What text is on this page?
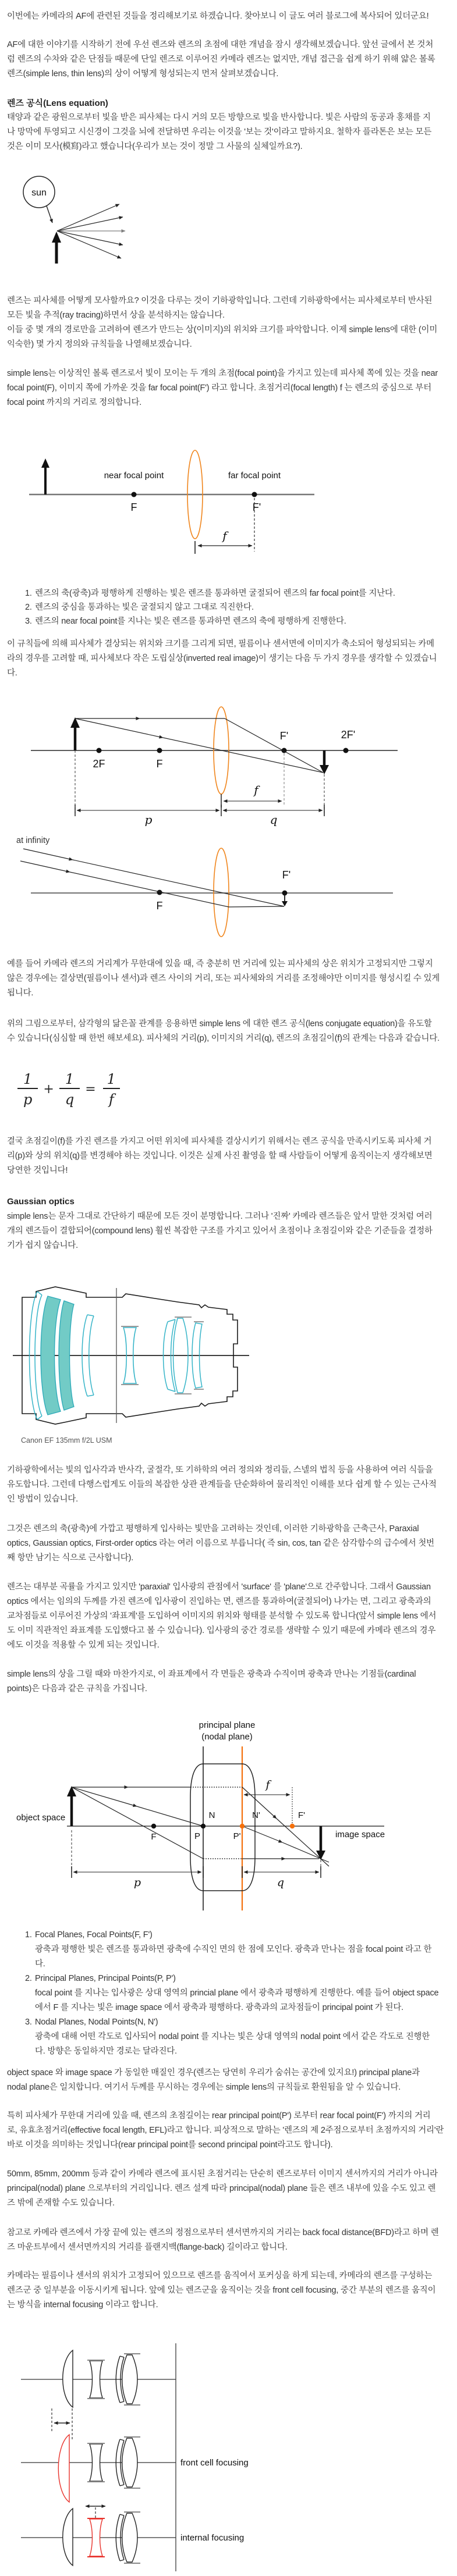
이번에는 카메라의 AF에 관련된 것들을 정리해보기로 하겠습니다. 찾아보니 이 글도 여러 블로그에 복사되어 있더군요!
AF에 대한 이야기를 시작하기 전에 우선 렌즈와 렌즈의 초점에 대한 개념을 잠시 생각해보겠습니다. 앞선 글에서 본 것처
럼 렌즈의 수차와 같은 단점들 때문에 단일 렌즈로 이루어진 카메라 렌즈는 없지만, 개념 접근을 쉽게 하기 위해 얇은 볼록
렌즈(simple lens, thin lens)의 상이 어떻게 형성되는지 먼저 살펴보겠습니다.
렌즈 공식(Lens equation)
태양과 같은 광원으로부터 빛을 받은 피사체는 다시 거의 모든 방향으로 빛을 반사합니다. 빛은 사람의 동공과 홍채를 지
나 망막에 투영되고 시신경이 그것을 뇌에 전달하면 우리는 이것을 '보는 것'이라고 말하지요. 철학자 플라톤은 보는 모든
것은 이미 모사(模寫)라고 했습니다(우리가 보는 것이 정말 그 사물의 실체일까요?).
sun
렌즈는 피사체를 어떻게 모사할까요? 이것을 다루는 것이 기하광학입니다. 그런데 기하광학에서는 피사체로부터 반사된
모든 빛을 추적(ray tracing)하면서 상을 분석하지는 않습니다.
이들 중 몇 개의 경로만을 고려하여 렌즈가 만드는 상(이미지)의 위치와 크기를 파악합니다. 이제 simple lens에 대한 (이미
익숙한) 몇 가지 정의와 규칙들을 나열해보겠습니다.
simple lens는 이상적인 볼록 렌즈로서 빛이 모이는 두 개의 초점(focal point)을 가지고 있는데 피사체 쪽에 있는 것을 near
focal point(F), 이미지 쪽에 가까운 것을 far focal point(F') 라고 합니다. 초점거리(focal length) f 는 렌즈의 중심으로 부터
focal point 까지의 거리로 정의합니다.
near focal point	far focal point
F	F'
f
1. 렌즈의 축(광축)과 평행하게 진행하는 빛은 렌즈를 통과하면 굴절되어 렌즈의 far focal point를 지난다.
2. 렌즈의 중심을 통과하는 빛은 굴절되지 않고 그대로 직진한다.
3. 렌즈의 near focal point를 지나는 빛은 렌즈를 통과하면 렌즈의 축에 평행하게 진행한다.
이 규칙들에 의해 피사체가 결상되는 위치와 크기를 그리게 되면, 필름이나 센서면에 이미지가 축소되어 형성되되는 카메
라의 경우를 고려할 때, 피사체보다 작은 도립실상(inverted real image)이 생기는 다음 두 가지 경우를 생각할 수 있겠습니
다.
2F	F
F'	2F'
f
p	q
at infinity
F
F'
예를 들어 카메라 렌즈의 거리계가 무한대에 있을 때, 즉 충분히 먼 거리에 있는 피사체의 상은 위치가 고정되지만 그렇지
않은 경우에는 결상면(필름이나 센서)과 렌즈 사이의 거리, 또는 피사체와의 거리를 조정해야만 이미지를 형성시킬 수 있게
됩니다.
위의 그림으로부터, 삼각형의 닮은꼴 관계를 응용하면 simple lens 에 대한 렌즈 공식(lens conjugate equation)을 유도할
수 있습니다(심심할 때 한번 해보세요). 피사체의 거리(p), 이미지의 거리(q), 렌즈의 초점길이(f)의 관계는 다음과 같습니다.
$\frac{1}{p} + \frac{1}{q} = \frac{1}{f}$
결국 초점길이(f)를 가진 렌즈를 가지고 어떤 위치에 피사체를 결상시키기 위해서는 렌즈 공식을 만족시키도록 피사체 거
리(p)와 상의 위치(q)를 변경해야 하는 것입니다. 이것은 실제 사진 촬영을 할 때 사람들이 어떻게 움직이는지 생각해보면
당연한 것입니다!
Gaussian optics
simple lens는 문자 그대로 간단하기 때문에 모든 것이 분명합니다. 그러나 '진짜' 카메라 렌즈들은 앞서 말한 것처럼 여러
개의 렌즈들이 결합되어(compound lens) 훨씬 복잡한 구조를 가지고 있어서 초점이나 초점길이와 같은 기준들을 결정하
기가 쉽지 않습니다.
Canon EF 135mm f/2L USM
기하광학에서는 빛의 입사각과 반사각, 굴절각, 또 기하학의 여러 정의와 정리들, 스넬의 법칙 등을 사용하여 여러 식들을
유도합니다. 그런데 다행스럽게도 이들의 복잡한 상관 관계들을 단순화하여 물리적인 이해를 보다 쉽게 할 수 있는 근사적
인 방법이 있습니다.
그것은 렌즈의 축(광축)에 가깝고 평행하게 입사하는 빛만을 고려하는 것인데, 이러한 기하광학을 근축근사, Paraxial
optics, Gaussian optics, First-order optics 라는 여러 이름으로 부릅니다( 즉 sin, cos, tan 같은 삼각함수의 급수에서 첫번
째 항만 남기는 식으로 근사합니다).
렌즈는 대부분 곡률을 가지고 있지만 'paraxial' 입사광의 관점에서 'surface' 를 'plane'으로 간주합니다. 그래서 Gaussian
optics 에서는 임의의 두께를 가진 렌즈에 입사광이 진입하는 면, 렌즈를 통과하여(굴절되어) 나가는 면, 그리고 광축과의
교차점들로 이루어진 가상의 '좌표계'를 도입하여 이미지의 위치와 형태를 분석할 수 있도록 합니다(앞서 simple lens 에서
도 이미 직관적인 좌표계를 도입했다고 볼 수 있습니다). 입사광의 중간 경로를 생략할 수 있기 때문에 카메라 렌즈의 경우
에도 이것을 적용할 수 있게 되는 것입니다.
simple lens의 상을 그릴 때와 마찬가지로, 이 좌표계에서 각 면들은 광축과 수직이며 광축과 만나는 기점들(cardinal
points)은 다음과 같은 규칙을 가집니다.
principal plane
(nodal plane)
object space
image space
F	P	P'
N	N'	F'
f
p	q
1. Focal Planes, Focal Points(F, F')
광축과 평행한 빛은 렌즈를 통과하면 광축에 수직인 면의 한 점에 모인다. 광축과 만나는 점을 focal point 라고 한
다.
2. Principal Planes, Principal Points(P, P')
focal point 를 지나는 입사광은 상대 영역의 princial plane 에서 광축과 평행하게 진행한다. 예를 들어 object space
에서 F 를 지나는 빛은 image space 에서 광축과 평행하다. 광축과의 교차점들이 principal point 가 된다.
3. Nodal Planes, Nodal Points(N, N')
광축에 대해 어떤 각도로 입사되어 nodal point 를 지나는 빛은 상대 영역의 nodal point 에서 같은 각도로 진행한
다. 방향은 동일하지만 경로는 달라진다.
object space 와 image space 가 동일한 매질인 경우(렌즈는 당연히 우리가 숨쉬는 공간에 있지요!) principal plane과
nodal plane은 일치합니다. 여기서 두께를 무시하는 경우에는 simple lens의 규칙들로 환원됨을 알 수 있습니다.
특히 피사체가 무한대 거리에 있을 때, 렌즈의 초점길이는 rear principal point(P') 로부터 rear focal point(F') 까지의 거리
로, 유효초점거리(effective focal length, EFL)라고 합니다. 피상적으로 말하는 '렌즈의 제 2주점으로부터 초점까지의 거리'란
바로 이것을 의미하는 것입니다(rear principal point를 second principal point라고도 합니다).
50mm, 85mm, 200mm 등과 같이 카메라 렌즈에 표시된 초점거리는 단순히 렌즈로부터 이미지 센서까지의 거리가 아니라
principal(nodal) plane 으로부터의 거리입니다. 렌즈 설계 따라 principal(nodal) plane 들은 렌즈 내부에 있을 수도 있고 렌
즈 밖에 존재할 수도 있습니다.
참고로 카메라 렌즈에서 가장 끝에 있는 렌즈의 정점으로부터 센서면까지의 거리는 back focal distance(BFD)라고 하며 렌
즈 마운트부에서 센서면까지의 거리를 플랜지백(flange-back) 길이라고 합니다.
카메라는 필름이나 센서의 위치가 고정되어 있으므로 렌즈를 움직여서 포커싱을 하게 되는데, 카메라의 렌즈를 구성하는
렌즈군 중 일부분을 이동시키게 됩니다. 앞에 있는 렌즈군을 움직이는 것을 front cell focusing, 중간 부분의 렌즈를 움직이
는 방식을 internal focusing 이라고 합니다.
front cell focusing
internal focusing
